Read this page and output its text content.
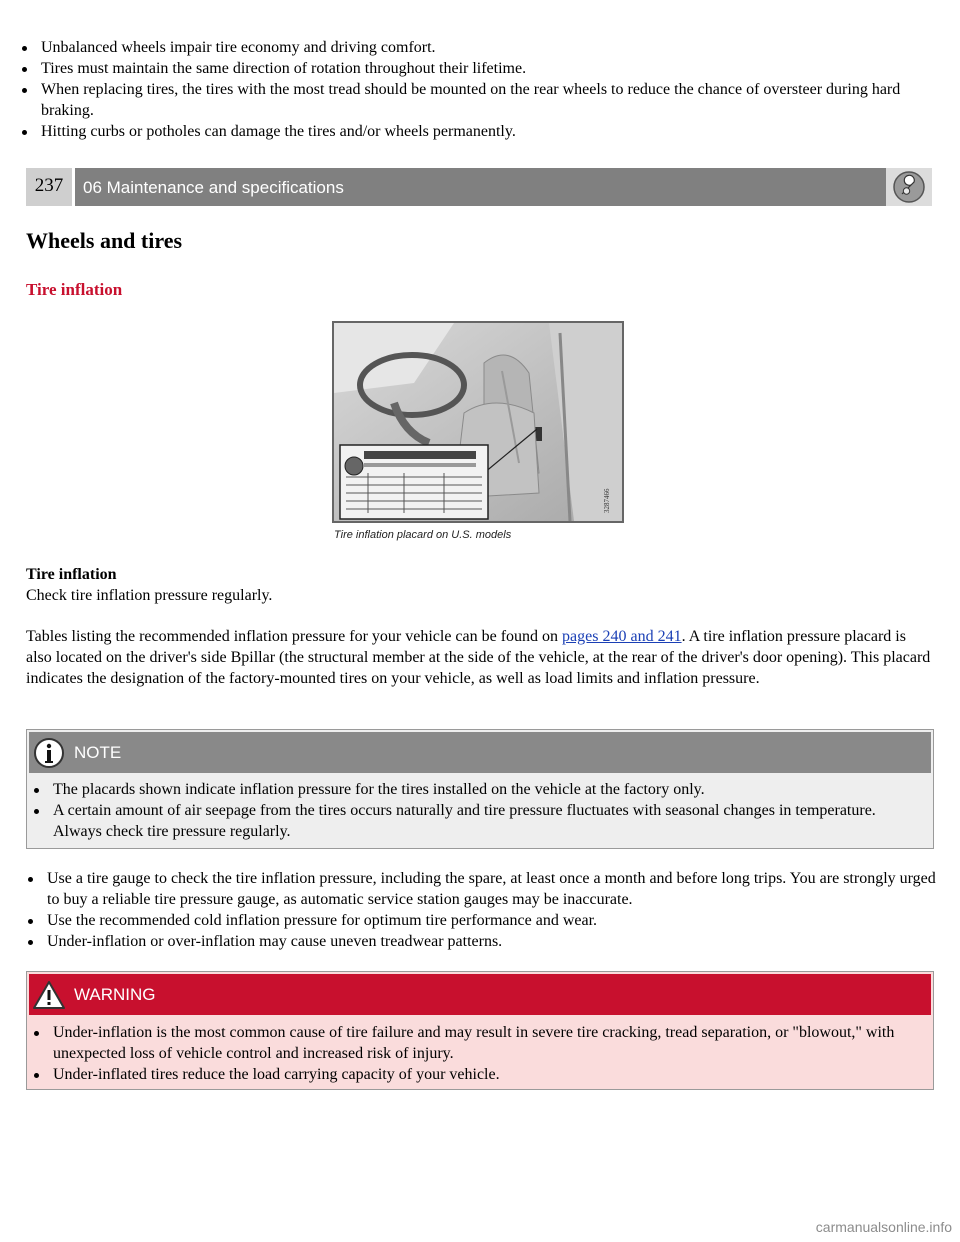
Unbalanced wheels impair tire economy and driving comfort.
Tires must maintain the same direction of rotation throughout their lifetime.
When replacing tires, the tires with the most tread should be mounted on the rear wheels to reduce the chance of oversteer during hard braking.
Hitting curbs or potholes can damage the tires and/or wheels permanently.
237	06 Maintenance and specifications
Wheels and tires
Tire inflation
3287466
Tire inflation placard on U.S. models
Tire inflation
Check tire inflation pressure regularly.
Tables listing the recommended inflation pressure for your vehicle can be found on pages 240 and 241. A tire inflation pressure placard is also located on the driver's side Bpillar (the structural member at the side of the vehicle, at the rear of the driver's door opening). This placard indicates the designation of the factory-mounted tires on your vehicle, as well as load limits and inflation pressure.
NOTE
The placards shown indicate inflation pressure for the tires installed on the vehicle at the factory only.
A certain amount of air seepage from the tires occurs naturally and tire pressure fluctuates with seasonal changes in temperature. Always check tire pressure regularly.
Use a tire gauge to check the tire inflation pressure, including the spare, at least once a month and before long trips. You are strongly urged to buy a reliable tire pressure gauge, as automatic service station gauges may be inaccurate.
Use the recommended cold inflation pressure for optimum tire performance and wear.
Under-inflation or over-inflation may cause uneven treadwear patterns.
WARNING
Under-inflation is the most common cause of tire failure and may result in severe tire cracking, tread separation, or "blowout," with unexpected loss of vehicle control and increased risk of injury.
Under-inflated tires reduce the load carrying capacity of your vehicle.
carmanualsonline.info
